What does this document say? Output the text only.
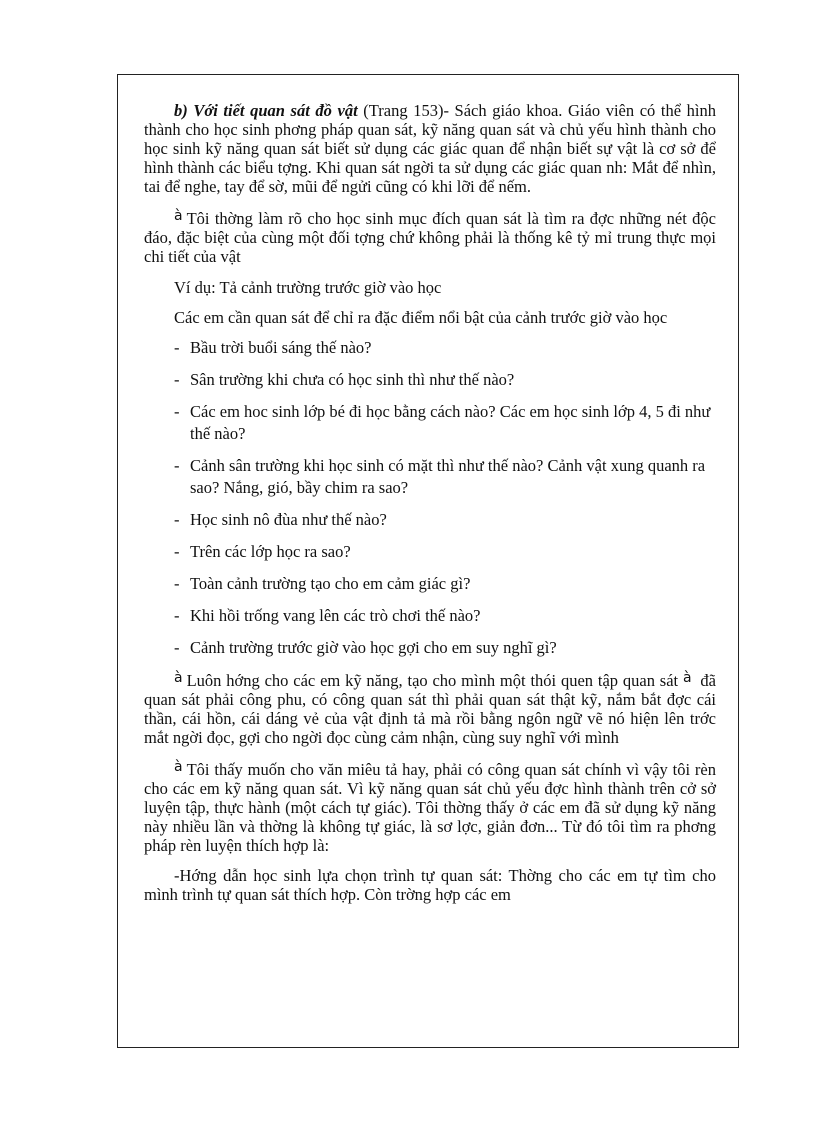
b) Với tiết quan sát đồ vật (Trang 153)- Sách giáo khoa. Giáo viên có thể hình thành cho học sinh phơng pháp quan sát, kỹ năng quan sát và chủ yếu hình thành cho học sinh kỹ năng quan sát biết sử dụng các giác quan để nhận biết sự vật là cơ sở để hình thành các biểu tợng. Khi quan sát ngời ta sử dụng các giác quan nh: Mắt để nhìn, tai để nghe, tay để sờ, mũi để ngửi cũng có khi lỡi để nếm.

$^à$ Tôi thờng làm rõ cho học sinh mục đích quan sát là tìm ra đợc những nét độc đáo, đặc biệt của cùng một đối tợng chứ không phải là thống kê tỷ mỉ trung thực mọi chi tiết của vật

Ví dụ: Tả cảnh trường trước giờ vào học

Các em cần quan sát để chỉ ra đặc điểm nổi bật của cảnh trước giờ vào học

- Bầu trời buổi sáng thế nào?
- Sân trường khi chưa có học sinh thì như thế nào?
- Các em hoc sinh lớp bé đi học bằng cách nào? Các em học sinh lớp 4, 5 đi như thế nào?
- Cảnh sân trường khi học sinh có mặt thì như thế nào? Cảnh vật xung quanh ra sao? Nắng, gió, bầy chim ra sao?
- Học sinh nô đùa như thế nào?
- Trên các lớp học ra sao?
- Toàn cảnh trường tạo cho em cảm giác gì?
- Khi hồi trống vang lên các trò chơi thế nào?
- Cảnh trường trước giờ vào học gợi cho em suy nghĩ gì?

$^à$ Luôn hớng cho các em kỹ năng, tạo cho mình một thói quen tập quan sát $^à$ đã quan sát phải công phu, có công quan sát thì phải quan sát thật kỹ, nắm bắt đợc cái thần, cái hồn, cái dáng vẻ của vật định tả mà rồi bằng ngôn ngữ vẽ nó hiện lên trớc mắt ngời đọc, gợi cho ngời đọc cùng cảm nhận, cùng suy nghĩ với mình

$^à$ Tôi thấy muốn cho văn miêu tả hay, phải có công quan sát chính vì vậy tôi rèn cho các em kỹ năng quan sát. Vì kỹ năng quan sát chủ yếu đợc hình thành trên cở sở luyện tập, thực hành (một cách tự giác). Tôi thờng thấy ở các em đã sử dụng kỹ năng này nhiều lần và thờng là không tự giác, là sơ lợc, giản đơn... Từ đó tôi tìm ra phơng pháp rèn luyện thích hợp là:

-Hớng dẫn học sinh lựa chọn trình tự quan sát: Thờng cho các em tự tìm cho mình trình tự quan sát thích hợp. Còn trờng hợp các em
